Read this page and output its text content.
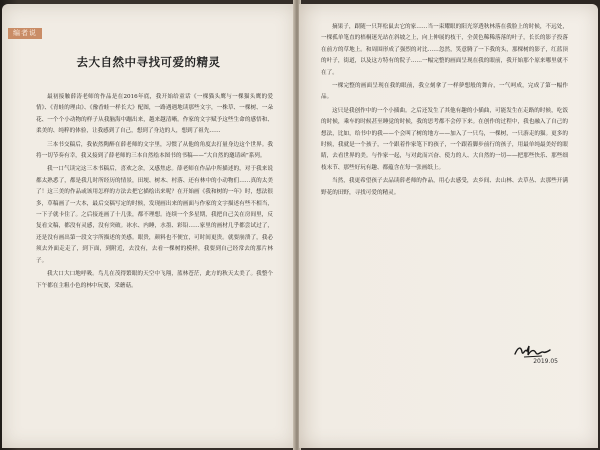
编者说
去大自然中寻找可爱的精灵

最初接触薛涛老师的作品是在2016年底，我开始给童话《一棵猫头鹰与一棵猫头鹰的爱情》、《青蛙的理由》、《豫香蛙一样长大》配图，一路遇遇地读那些文字，一株草、一棵树、一朵花、一个个小动物的样子从我脑海中蹦出来，越来越清晰。作家的文字赋予这些生命的感悟和、柔美的、纯粹的体验，让我感到了自己，想到了身边的人，想到了祖先……

三本书交稿后，我依然陶醉在薛老师的文字里，习惯了从他的角度去打量身边这个世界。我将一切节奏有幸，我又接到了薛老师的三本自然绘本图书的书稿——“大自然的邀请函”系列。

我一口气读完这三本书稿后，喜欢之余，又感焦虑。薛老师在作品中所描述的，对于我来说都太熟悉了，都是我几时所经历的情景，田埂、树木、村落、还有林中的小动物们……真的太美了！这三美的作品或该用怎样的方法去把它描绘出来呢？在开始画《我和树的一年》时，想法很多，草稿画了一大本，最后交稿写定的时候，发现画出来的画面与作家的文字描述有些不相当，一下子就卡住了。之后接连画了十几张，都不理想。连续一个多星期，我把自己关在房间里，反复看文稿，都没有灵感，没有突破。冰水、内睡，水墨、彩铅……家里的画材几乎都尝试过了，还是没有画出第一段文字所描述的美感。眼贵，颜料也不便宜，可时间更贵。就要崩溃了，我必须去外面走走了，到下面，到附近，去没有，去看一棵树的模样，我要到自己经常去的那片林子。

我大口大口地呼吸。鸟儿在茂得繁眼的天空中飞翔，蓝林苍茫，此方的秋天太美了。我整个下午都在主粗小色的林中玩耍，采蘑菇。

摘果子，跟随一只拜松鼠去它的家……当一束耀眼的阳光穿透秋林落在我脸上的时候，不远处，一棵孤单笔直的梧桐迷光站在斜坡之上，向上伸展的枝干，全黄色稀稀落落的叶子，长长的影子投落在前方的草地上。和周围形成了强烈的对比……忽然，笑意腾了一下我的头，那棵树的影子，红蓝顶的叶子，街道，以及这方特有的院子……一幅完整的画面呈现在我的眼前，我开始那个原来哪里就不在了。

一棵完整的画面呈现在我的眼前，我立刻拿了一样夢想般的舞台，一气呵成，完成了第一幅作品。

这只是我创作中的一个小插曲。之后还发生了其他有趣的小插曲，可能发生在走路的时候，吃饭的时候，乘车的时候甚至睡觉的时候，我的思考都不会停下来。在创作的过程中，我也融入了自己的想法，比如，给书中的我——个会叫了树的地方——加入了一只鸟，一棵树，一只游走的猫。更多的时候，我就是一个孩子，一个跟着作家笔下的孩子，一个跟着脚步前行的孩子，用最单纯最美好的眼睛，去看世界的美。与作家一起，与对此而兴奋、使力的人、大自然的一切——把那些快乐、那些细枝末节、那些好玩有趣、都蕴含在每一张画纸上。

当然，我更希望孩子去品读薛老师的作品，用心去感受，去乡间、去山林、去草丛、去那些开满野花的田野，寻找可爱的精灵。

2019.05
